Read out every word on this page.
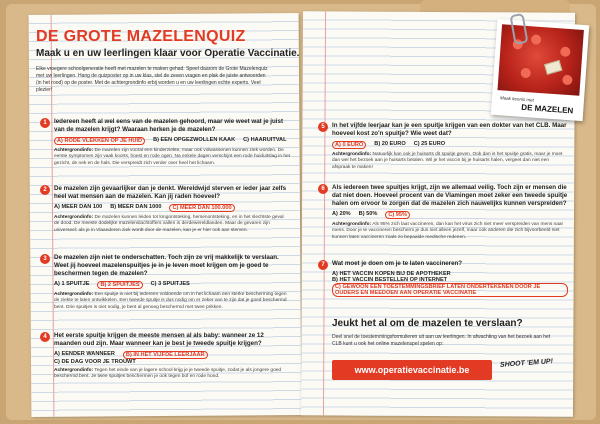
DE GROTE MAZELENQUIZ

Maak u en uw leerlingen klaar voor Operatie Vaccinatie.

Elke vroegere schoolgeneratie heeft met mazelen te maken gehad. Speel daarom de Grote Mazelenquiz met uw leerlingen. Hang de quizposter op in uw klas, stel de zeven vragen en plak de juiste antwoorden (in het rood) op de poster. Met de achtergrondinfo erbij worden u en uw leerlingen echte experts. Veel plezier!

1	Iedereen heeft al wel eens van de mazelen gehoord, maar wie weet wat je juist van de mazelen krijgt? Waaraan herken je de mazelen?

A) RODE VLEKKEN OP JE HUID	B) EEN OPGEZWOLLEN KAAK C) HAARUITVAL
Achtergrondinfo: De mazelen zijn vooral een kinderziekte, maar ook volwassenen kunnen ziek worden. De eerste symptomen zijn vaak koorts, hoest en rode ogen. Na enkele dagen verschijnt een rode huiduitslag in het gezicht, de nek en de hals. Die verspreidt zich verder over heel het lichaam.
2	De mazelen zijn gevaarlijker dan je denkt. Wereldwijd sterven er ieder jaar zelfs heel wat mensen aan de mazelen. Kan jij raden hoeveel?

A) MEER DAN 100 B) MEER DAN 1000	C) MEER DAN 100.000
Achtergrondinfo: De mazelen kunnen leiden tot longontsteking, hersenontsteking, en in het slechtste geval de dood. De meeste dodelijke mazelenslachtoffers vallen in derdewereldlanden. Maar de gevaren zijn universeel: als je in Vlaanderen ziek wordt door de mazelen, kan je er hier ook aan sterven.
3	De mazelen zijn niet te onderschatten. Toch zijn ze vrij makkelijk te verslaan. Weet jij hoeveel mazelenspuitjes je in je leven moet krijgen om je goed te beschermen tegen de mazelen?

A) 1 SPUITJE	B) 2 SPUITJES	C) 3 SPUITJES
Achtergrondinfo: Een spuitje is niet bij iedereen voldoende om in het lichaam een sterke bescherming tegen de ziekte te laten ontwikkelen. Een tweede spuitje is dus nodig om er zeker van te zijn dat je goed beschermd bent. Drie spuitjes is niet nodig, je bent al genoeg beschermd met twee prikken.
4	Het eerste spuitje krijgen de meeste mensen al als baby: wanneer ze 12 maanden oud zijn. Maar wanneer kan je best je tweede spuitje krijgen?

A) EENDER WANNEER	B) IN HET VIJFDE LEERJAAR
C) DE DAG VOOR JE TROUWT
Achtergrondinfo: Tegen het einde van je lagere school krijg je je tweede spuitje, zodat je als jongere goed beschermd bent. Je twee spuitjes beschermen je ook tegen bof en rode hond.
5	In het vijfde leerjaar kan je een spuitje krijgen van een dokter van het CLB. Maar hoeveel kost zo'n spuitje? Wie weet dat?

A) 0 EURO	B) 20 EURO C) 25 EURO
Achtergrondinfo: Natuurlijk kan ook je huisarts dit spuitje geven. Ook dan is het spuitje gratis, maar je moet dan wel het bezoek aan je huisarts betalen. Wil je het vaccin bij je huisarts halen, vergeet dan niet een afspraak te maken!
6	Als iedereen twee spuitjes krijgt, zijn we allemaal veilig. Toch zijn er mensen die dat niet doen. Hoeveel procent van de Vlamingen moet zeker een tweede spuitje halen om ervoor te zorgen dat de mazelen zich nauwelijks kunnen verspreiden?

A) 20% B) 50%	C) 95%
Achtergrondinfo: Als 95% zich laat vaccineren, dan kan het virus zich niet meer verspreiden van mens naar mens. Door je te vaccineren bescherm je dus niet alleen jezelf, maar ook anderen die zich bijvoorbeeld niet kunnen laten vaccineren zoals zo bepaalde medische redenen.
7	Wat moet je doen om je te laten vaccineren?

A) HET VACCIN KOPEN BIJ DE APOTHEKER
B) HET VACCIN BESTELLEN OP INTERNET
C) GEWOON EEN TOESTEMMINGSBRIEF LATEN ONDERTEKENEN DOOR JE OUDERS EN MEEDOEN AAN OPERATIE VACCINATIE

Jeukt het al om de mazelen te verslaan?

Deel snel de toestemmingsformulieren uit aan uw leerlingen. In afwachting van het bezoek aan het CLB kunt u ook het online mazelenspel spelen op:

www.operatievaccinatie.be
SHOOT 'EM UP!
Maak kennis met
DE MAZELEN
